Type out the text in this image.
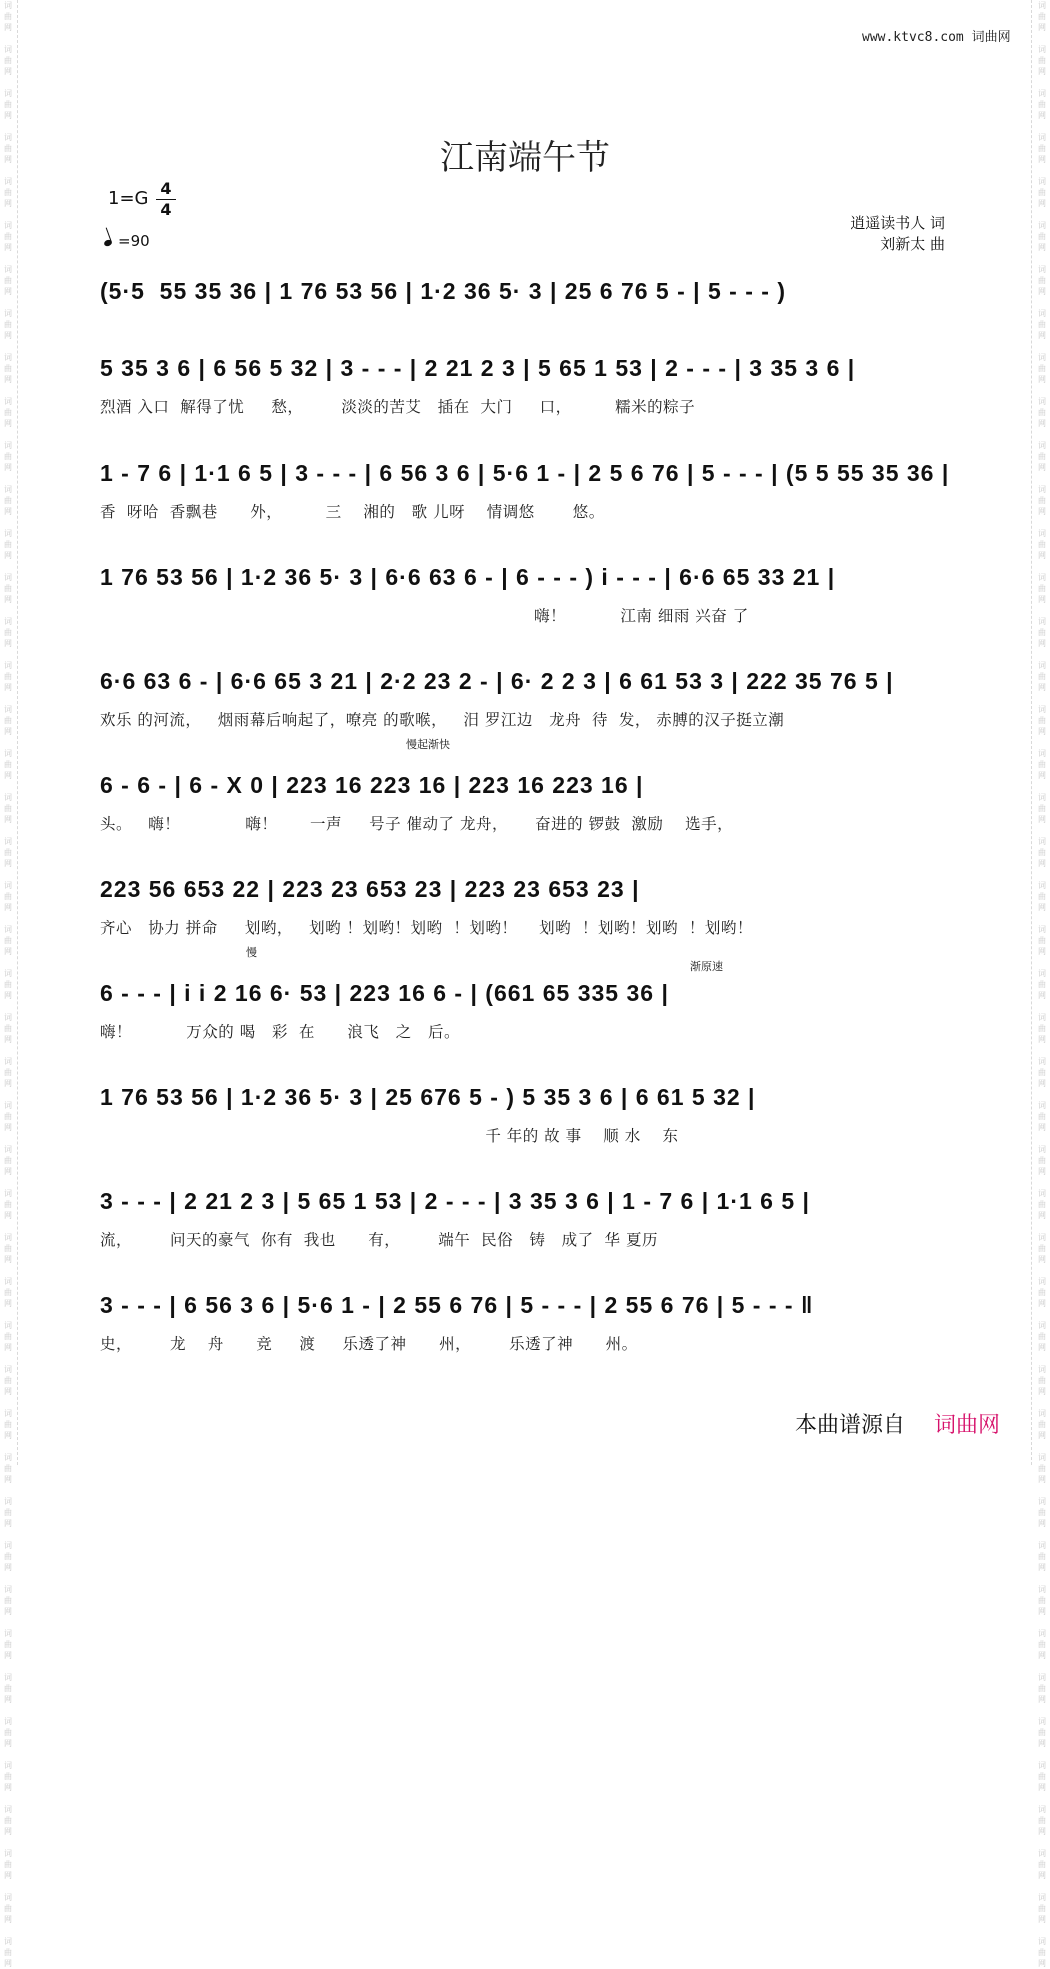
词
曲
网

词
曲
网

词
曲
网

词
曲
网

词
曲
网

词
曲
网

词
曲
网

词
曲
网

词
曲
网

词
曲
网

词
曲
网

词
曲
网

词
曲
网

词
曲
网

词
曲
网

词
曲
网

词
曲
网

词
曲
网

词
曲
网

词
曲
网

词
曲
网

词
曲
网

词
曲
网

词
曲
网

词
曲
网

词
曲
网

词
曲
网

词
曲
网

词
曲
网

词
曲
网

词
曲
网

词
曲
网

词
曲
网

词
曲
网

词
曲
网

词
曲
网

词
曲
网

词
曲
网

词
曲
网

词
曲
网

词
曲
网

词
曲
网

词
曲
网

词
曲
网

词
曲
网

词
曲
网

词
曲
网

词
曲
网

词
曲
网

词
曲
网

词
曲
网

词
曲
网

词
曲
网

词
曲
网

词
曲
网

词
曲
网

词
曲
网

词
曲
网

词
曲
网

词
曲
网

词
曲
网

词
曲
网

词
曲
网

词
曲
网

词
曲
网

词
曲
网

词
曲
网

词
曲
网

词
曲
网

词
曲
网

词
曲
网

词
曲
网

词
曲
网

词
曲
网

词
曲
网

词
曲
网

词
曲
网

词
曲
网

词
曲
网

词
曲
网

词
曲
网

词
曲
网

词
曲
网

词
曲
网

词
曲
网

词
曲
网

词
曲
网

词
曲
网

词
曲
网

词
曲
网

www.ktvc8.com 词曲网
江南端午节
1=G 4
4
=90
逍遥读书人 词
刘新太 曲
(5·5  55 35 36 | 1 76 53 56 | 1·2 36 5· 3 | 25 6 76 5 - | 5 - - - )
5 35 3 6 | 6 56 5 32 | 3 - - - | 2 21 2 3 | 5 65 1 53 | 2 - - - | 3 35 3 6 |
烈酒 入口  解得了忧     愁，       淡淡的苦艾   插在  大门     口，        糯米的粽子
1 - 7 6 | 1·1 6 5 | 3 - - - | 6 56 3 6 | 5·6 1 - | 2 5 6 76 | 5 - - - | (5 5 55 35 36 |
香  呀哈  香飘巷      外，        三    湘的   歌 儿呀    情调悠       悠。
1 76 53 56 | 1·2 36 5· 3 | 6·6 63 6 - | 6 - - - ) i - - - | 6·6 65 33 21 |
嗨！          江南 细雨 兴奋 了
6·6 63 6 - | 6·6 65 3 21 | 2·2 23 2 - | 6· 2 2 3 | 6 61 53 3 | 222 35 76 5 |
欢乐 的河流，   烟雨幕后响起了，嘹亮 的歌喉，   汨 罗江边   龙舟  待  发， 赤膊的汉子挺立潮
6 - 6 - | 6 - X 0 | 223 16 223 16 | 223 16 223 16 |
慢起渐快
头。   嗨！            嗨！      一声     号子 催动了 龙舟，     奋进的 锣鼓  激励    选手，
223 56 653 22 | 223 23 653 23 | 223 23 653 23 |
齐心   协力 拼命     划哟，   划哟 ！划哟！划哟  ！划哟！    划哟  ！划哟！划哟  ！划哟！
6 - - - | i i 2 16 6· 53 | 223 16 6 - | (661 65 335 36 |
慢
渐原速
嗨！          万众的 喝   彩  在      浪飞   之   后。
1 76 53 56 | 1·2 36 5· 3 | 25 676 5 - ) 5 35 3 6 | 6 61 5 32 |
千 年的 故 事    顺 水    东
3 - - - | 2 21 2 3 | 5 65 1 53 | 2 - - - | 3 35 3 6 | 1 - 7 6 | 1·1 6 5 |
流，       问天的豪气  你有  我也      有，       端午  民俗   铸   成了  华 夏历
3 - - - | 6 56 3 6 | 5·6 1 - | 2 55 6 76 | 5 - - - | 2 55 6 76 | 5 - - - ‖
史，       龙    舟      竞     渡     乐透了神      州，       乐透了神      州。
本曲谱源自 词曲网
